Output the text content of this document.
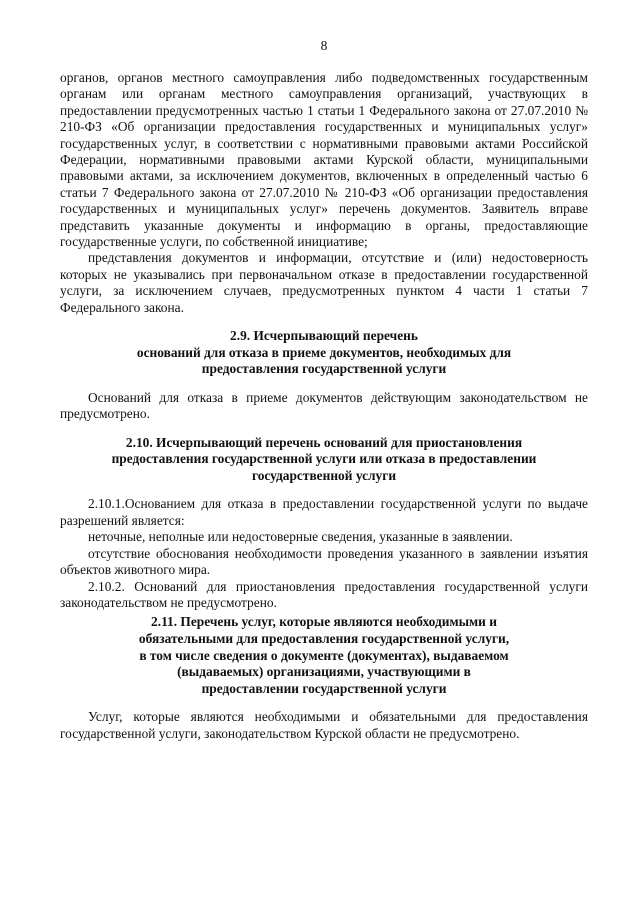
8

органов, органов местного самоуправления либо подведомственных государственным органам или органам местного самоуправления организаций, участвующих в предоставлении предусмотренных частью 1 статьи 1 Федерального закона от 27.07.2010 № 210-ФЗ «Об организации предоставления государственных и муниципальных услуг» государственных услуг, в соответствии с нормативными правовыми актами Российской Федерации, нормативными правовыми актами Курской области, муниципальными правовыми актами, за исключением документов, включенных в определенный частью 6 статьи 7 Федерального закона от 27.07.2010 № 210-ФЗ «Об организации предоставления государственных и муниципальных услуг» перечень документов. Заявитель вправе представить указанные документы и информацию в органы, предоставляющие государственные услуги, по собственной инициативе;

представления документов и информации, отсутствие и (или) недостоверность которых не указывались при первоначальном отказе в предоставлении государственной услуги, за исключением случаев, предусмотренных пунктом 4 части 1 статьи 7 Федерального закона.

2.9. Исчерпывающий перечень
оснований для отказа в приеме документов, необходимых для
предоставления государственной услуги

Оснований для отказа в приеме документов действующим законодательством не предусмотрено.

2.10. Исчерпывающий перечень оснований для приостановления
предоставления государственной услуги или отказа в предоставлении
государственной услуги

2.10.1.Основанием для отказа в предоставлении государственной услуги по выдаче разрешений является:

неточные, неполные или недостоверные сведения, указанные в заявлении.

отсутствие обоснования необходимости проведения указанного в заявлении изъятия объектов животного мира.

2.10.2. Оснований для приостановления предоставления государственной услуги законодательством не предусмотрено.

2.11. Перечень услуг, которые являются необходимыми и
обязательными для предоставления государственной услуги,
в том числе сведения о документе (документах), выдаваемом
(выдаваемых) организациями, участвующими в
предоставлении государственной услуги

Услуг, которые являются необходимыми и обязательными для предоставления государственной услуги, законодательством Курской области не предусмотрено.
